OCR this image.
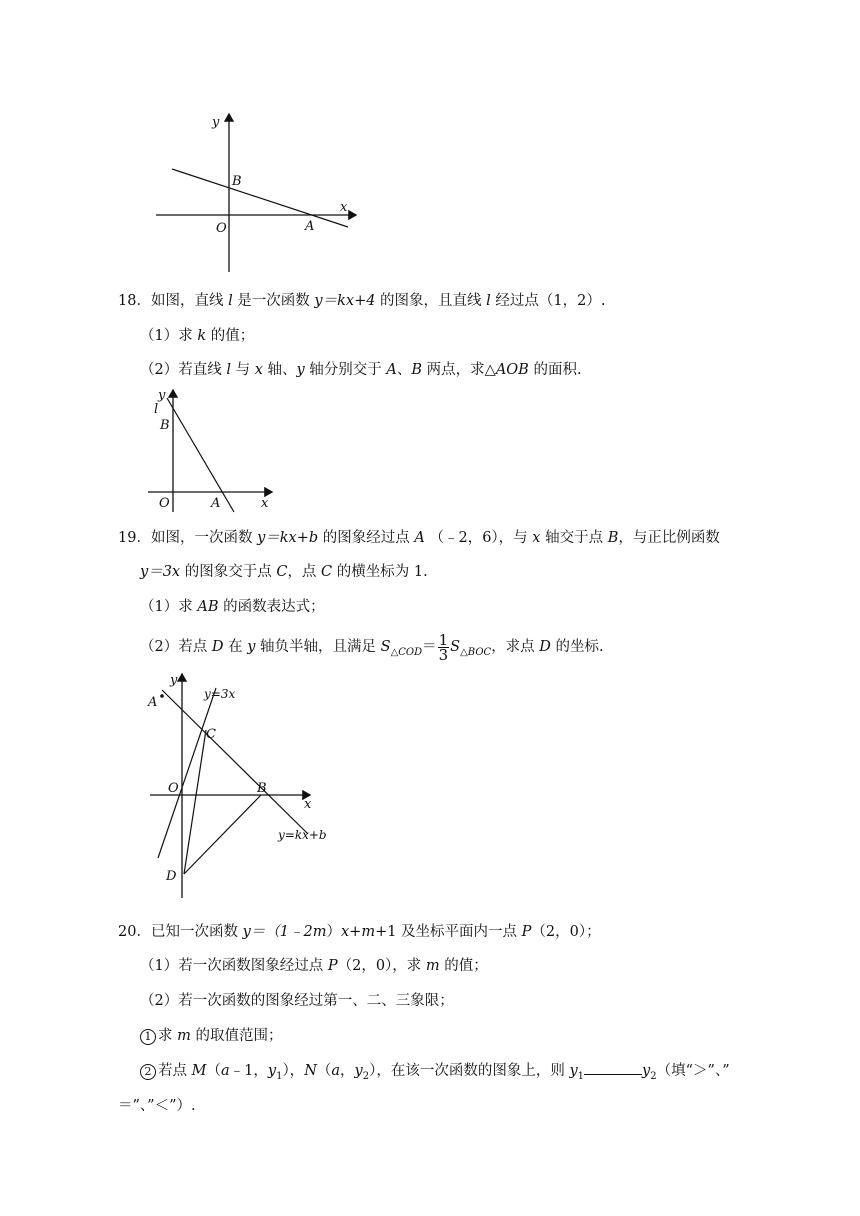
y
B
x
O	A
18．如图，直线 l 是一次函数 y＝kx+4 的图象，且直线 l 经过点（1，2）.
（1）求 k 的值；
（2）若直线 l 与 x 轴、y 轴分别交于 A、B 两点，求△AOB 的面积.
y
l
B
O	A	x
19．如图，一次函数 y＝kx+b 的图象经过点 A （﹣2，6），与 x 轴交于点 B，与正比例函数
y＝3x 的图象交于点 C，点 C 的横坐标为 1.
（1）求 AB 的函数表达式；
（2）若点 D 在 y 轴负半轴，且满足 $S_{\triangle COD}= \frac{1}{3} S_{\triangle BOC}$，求点 D 的坐标.
y
y=3x
A
C
O	B
x
y=kx+b
D
20．已知一次函数 y＝（1﹣2m）x+m+1 及坐标平面内一点 P（2，0）；
（1）若一次函数图象经过点 P（2，0），求 m 的值；
（2）若一次函数的图象经过第一、二、三象限；
1 求 m 的取值范围；
2 若点 M（a﹣1，$y_1$），N（a，$y_2$），在该一次函数的图象上，则 $y_1$	$y_2$（填“＞”、”
＝”、”＜”）.
